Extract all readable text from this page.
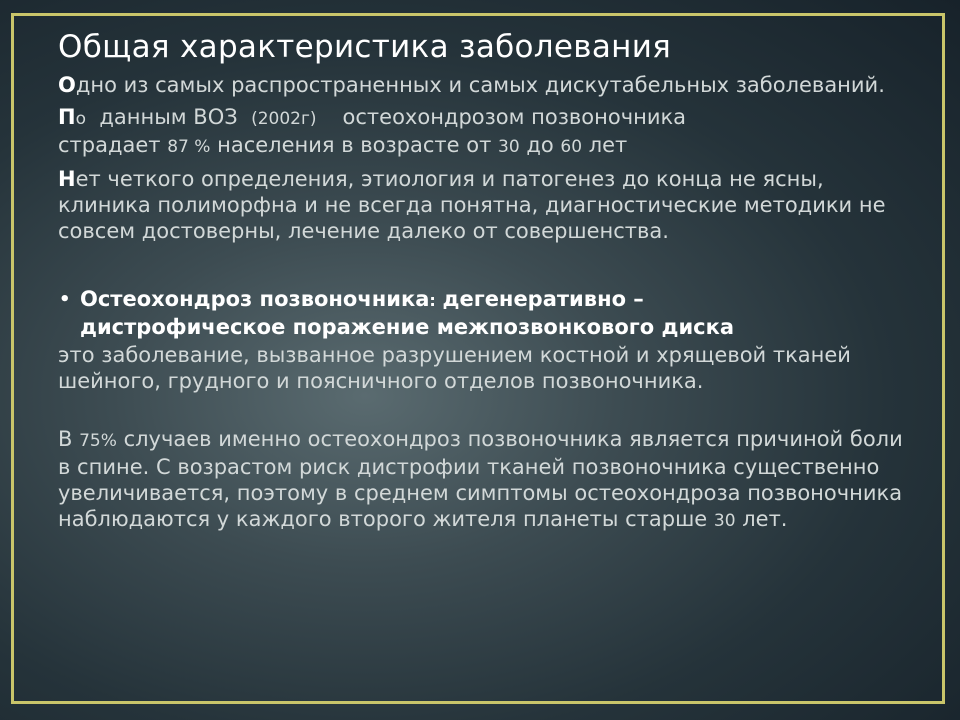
Общая характеристика заболевания

Одно из самых распространенных и самых дискутабельных заболеваний.

По данным ВОЗ (2002г) остеохондрозом позвоночника
страдает 87 % населения в возрасте от 30 до 60 лет

Нет четкого определения, этиология и патогенез до конца не ясны, клиника полиморфна и не всегда понятна, диагностические методики не совсем достоверны, лечение далеко от совершенства.

• Остеохондроз позвоночника: дегенеративно –
дистрофическое поражение межпозвонкового диска

это заболевание, вызванное разрушением костной и хрящевой тканей шейного, грудного и поясничного отделов позвоночника.

В 75% случаев именно остеохондроз позвоночника является причиной боли в спине. С возрастом риск дистрофии тканей позвоночника существенно увеличивается, поэтому в среднем симптомы остеохондроза позвоночника наблюдаются у каждого второго жителя планеты старше 30 лет.
